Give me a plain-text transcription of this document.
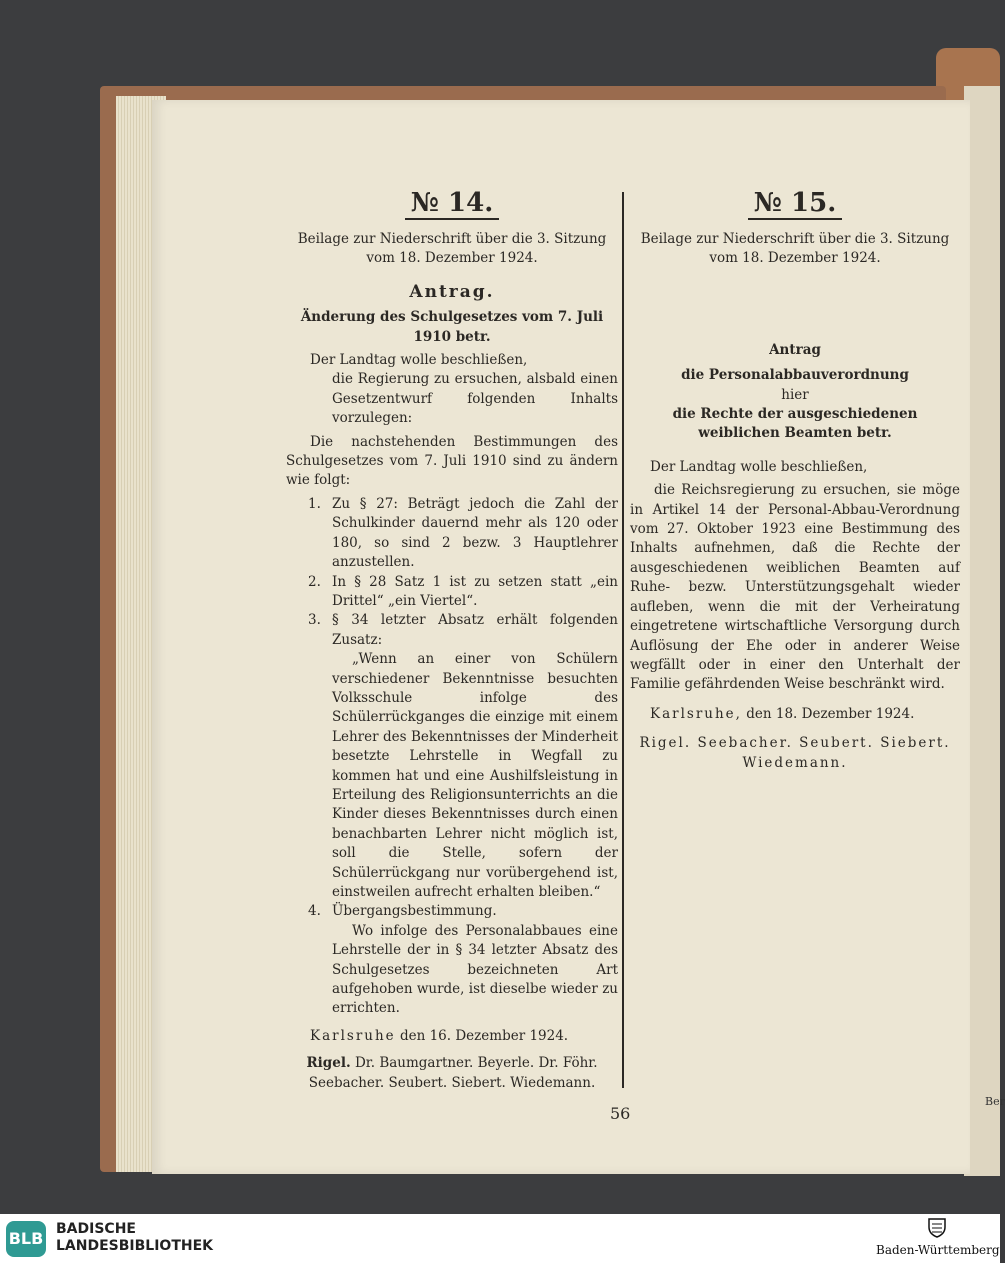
Ber
№ 14.

Beilage zur Niederschrift über die 3. Sitzung

vom 18. Dezember 1924.

Antrag.

Änderung des Schulgesetzes vom 7. Juli 1910 betr.

Der Landtag wolle beschließen,

die Regierung zu ersuchen, alsbald einen Gesetzentwurf folgenden Inhalts vorzulegen:

Die nachstehenden Bestimmungen des Schulgesetzes vom 7. Juli 1910 sind zu ändern wie folgt:

1. Zu § 27: Beträgt jedoch die Zahl der Schulkinder dauernd mehr als 120 oder 180, so sind 2 bezw. 3 Hauptlehrer anzustellen.

2. In § 28 Satz 1 ist zu setzen statt „ein Drittel“ „ein Viertel“.

3. § 34 letzter Absatz erhält folgenden Zusatz:

„Wenn an einer von Schülern verschiedener Bekenntnisse besuchten Volksschule infolge des Schülerrückganges die einzige mit einem Lehrer des Bekenntnisses der Minderheit besetzte Lehrstelle in Wegfall zu kommen hat und eine Aushilfsleistung in Erteilung des Religionsunterrichts an die Kinder dieses Bekenntnisses durch einen benachbarten Lehrer nicht möglich ist, soll die Stelle, sofern der Schülerrückgang nur vorübergehend ist, einstweilen aufrecht erhalten bleiben.“

4. Übergangsbestimmung.

Wo infolge des Personalabbaues eine Lehrstelle der in § 34 letzter Absatz des Schulgesetzes bezeichneten Art aufgehoben wurde, ist dieselbe wieder zu errichten.

Karlsruhe den 16. Dezember 1924.

Rigel. Dr. Baumgartner. Beyerle. Dr. Föhr. Seebacher. Seubert. Siebert. Wiedemann.

№ 15.

Beilage zur Niederschrift über die 3. Sitzung

vom 18. Dezember 1924.

Antrag

die Personalabbauverordnung

hier

die Rechte der ausgeschiedenen weiblichen Beamten betr.

Der Landtag wolle beschließen,

die Reichsregierung zu ersuchen, sie möge in Artikel 14 der Personal-Abbau-Verordnung vom 27. Oktober 1923 eine Bestimmung des Inhalts aufnehmen, daß die Rechte der ausgeschiedenen weiblichen Beamten auf Ruhe- bezw. Unterstützungsgehalt wieder aufleben, wenn die mit der Verheiratung eingetretene wirtschaftliche Versorgung durch Auflösung der Ehe oder in anderer Weise wegfällt oder in einer den Unterhalt der Familie gefährdenden Weise beschränkt wird.

Karlsruhe, den 18. Dezember 1924.

Rigel. Seebacher. Seubert. Siebert. Wiedemann.

56
BLB BADISCHE
LANDESBIBLIOTHEK	Baden-Württemberg
